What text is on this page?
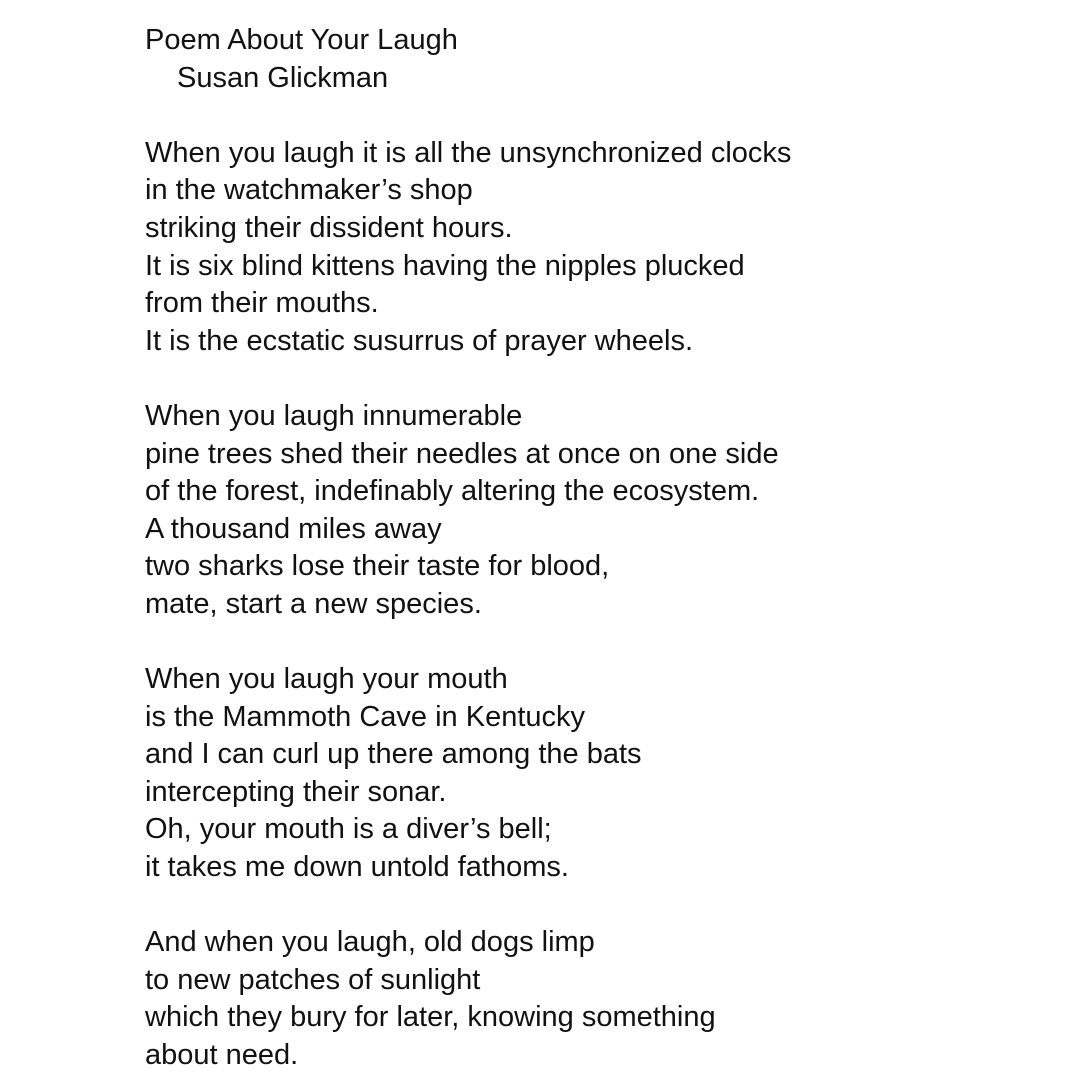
Poem About Your Laugh
Susan Glickman
When you laugh it is all the unsynchronized clocks
in the watchmaker’s shop
striking their dissident hours.
It is six blind kittens having the nipples plucked
from their mouths.
It is the ecstatic susurrus of prayer wheels.
When you laugh innumerable
pine trees shed their needles at once on one side
of the forest, indefinably altering the ecosystem.
A thousand miles away
two sharks lose their taste for blood,
mate, start a new species.
When you laugh your mouth
is the Mammoth Cave in Kentucky
and I can curl up there among the bats
intercepting their sonar.
Oh, your mouth is a diver’s bell;
it takes me down untold fathoms.
And when you laugh, old dogs limp
to new patches of sunlight
which they bury for later, knowing something
about need.
